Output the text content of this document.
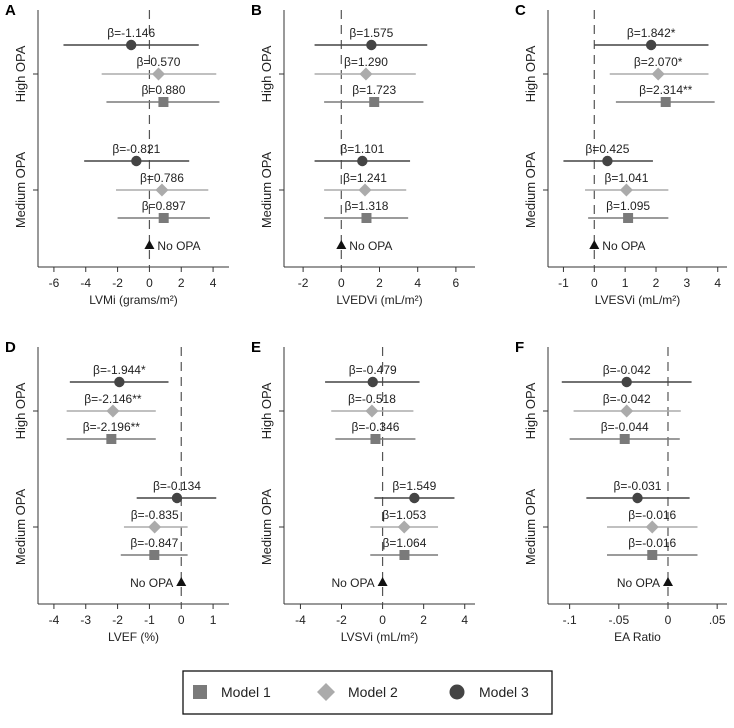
A
-6 -4 -2 0 2 4
LVMi (grams/m²)
High OPA
β=-1.146
β=0.570
β=0.880
Medium OPA
β=-0.821
β=0.786
β=0.897
No OPA
B
-2 0	2	4	6
LVEDVi (mL/m²)
High OPA
β=1.575
β=1.290
β=1.723
Medium OPA
β=1.101
β=1.241
β=1.318
No OPA
C
-1 0 1 2 3 4
LVESVi (mL/m²)
High OPA
β=1.842*
β=2.070*
β=2.314**
Medium OPA
β=0.425
β=1.041
β=1.095
No OPA
D
-4 -3 -2 -1 0 1
LVEF (%)
High OPA
β=-1.944*
β=-2.146**
β=-2.196**
Medium OPA
β=-0.134
β=-0.835
β=-0.847
No OPA
E
-4	-2	0	2	4
LVSVi (mL/m²)
High OPA
β=-0.479
β=-0.518
β=-0.346
Medium OPA
β=1.549
β=1.053
β=1.064
No OPA
F
-.1	-.05	0	.05
EA Ratio
High OPA
β=-0.042
β=-0.042
β=-0.044
Medium OPA
β=-0.031
β=-0.016
β=-0.016
No OPA
Model 1	Model 2	Model 3
